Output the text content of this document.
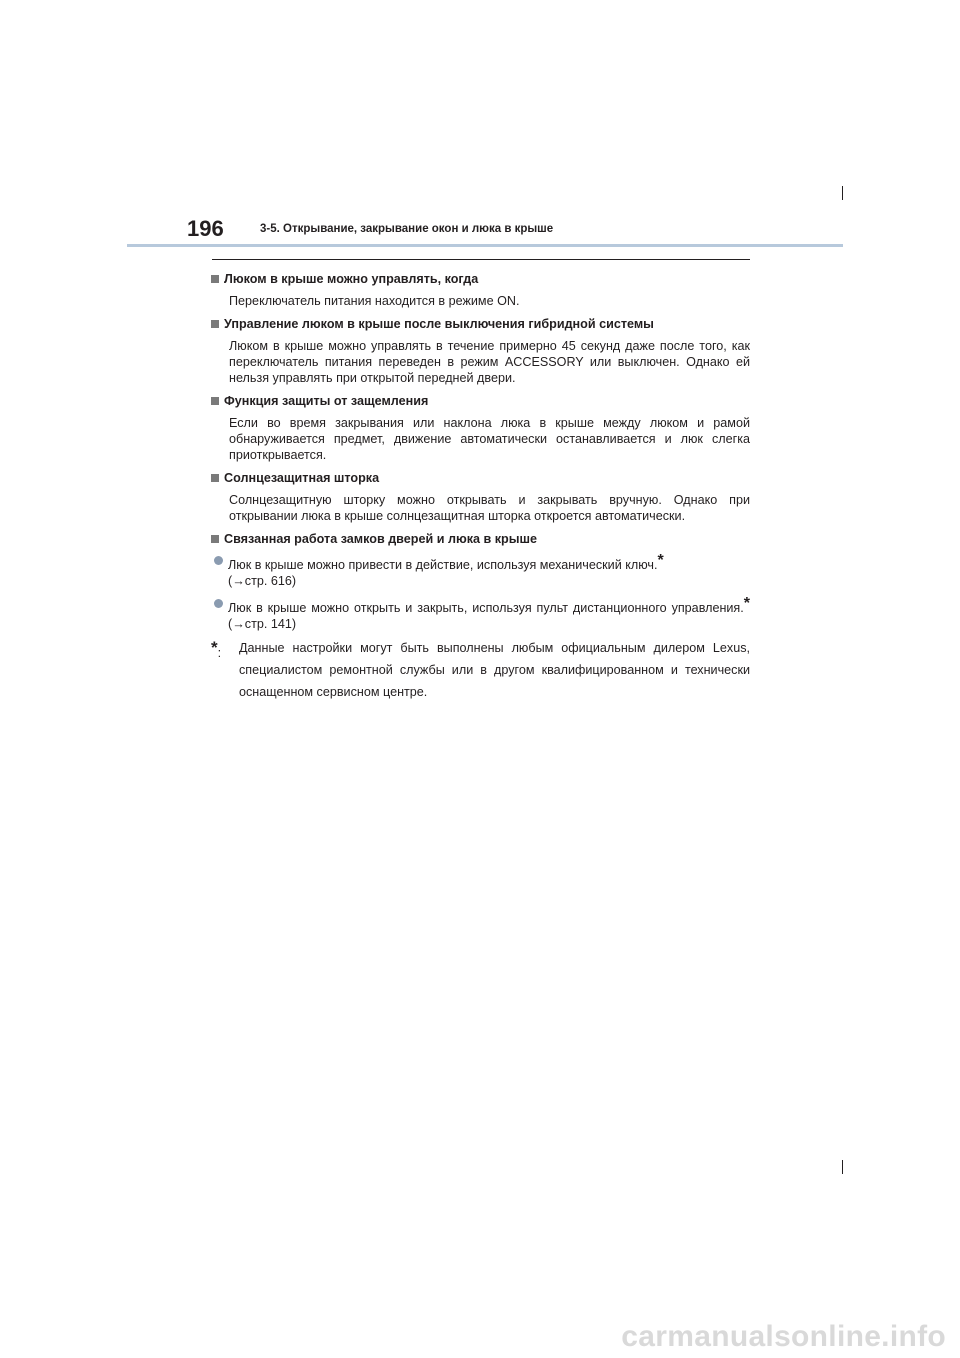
196	3-5. Открывание, закрывание окон и люка в крыше
Люком в крыше можно управлять, когда
Переключатель питания находится в режиме ON.
Управление люком в крыше после выключения гибридной системы
Люком в крыше можно управлять в течение примерно 45 секунд даже после того, как переключатель питания переведен в режим ACCESSORY или выключен. Однако ей нельзя управлять при открытой передней двери.
Функция защиты от защемления
Если во время закрывания или наклона люка в крыше между люком и рамой обнаруживается предмет, движение автоматически останавливается и люк слегка приоткрывается.
Солнцезащитная шторка
Солнцезащитную шторку можно открывать и закрывать вручную. Однако при открывании люка в крыше солнцезащитная шторка откроется автоматически.
Связанная работа замков дверей и люка в крыше
Люк в крыше можно привести в действие, используя механический ключ.*
(→стр. 616)
Люк в крыше можно открыть и закрыть, используя пульт дистанционного управления.* (→стр. 141)
*:	Данные настройки могут быть выполнены любым официальным дилером Lexus, специалистом ремонтной службы или в другом квалифицированном и технически оснащенном сервисном центре.
carmanualsonline.info
